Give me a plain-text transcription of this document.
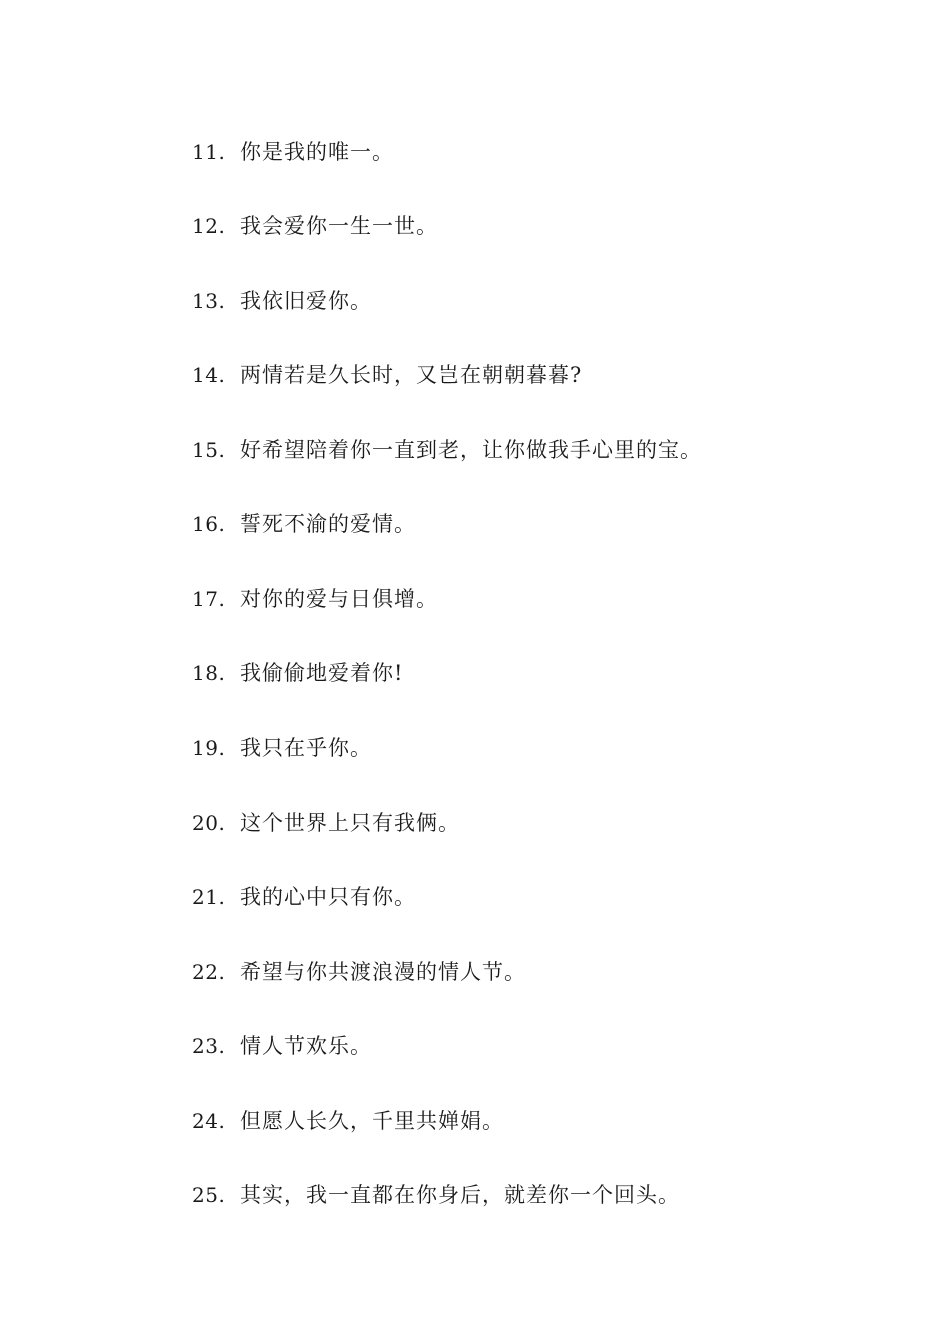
11. 你是我的唯一。
12. 我会爱你一生一世。
13. 我依旧爱你。
14. 两情若是久长时，又岂在朝朝暮暮?
15. 好希望陪着你一直到老，让你做我手心里的宝。
16. 誓死不渝的爱情。
17. 对你的爱与日俱增。
18. 我偷偷地爱着你!
19. 我只在乎你。
20. 这个世界上只有我俩。
21. 我的心中只有你。
22. 希望与你共渡浪漫的情人节。
23. 情人节欢乐。
24. 但愿人长久，千里共婵娟。
25. 其实，我一直都在你身后，就差你一个回头。
